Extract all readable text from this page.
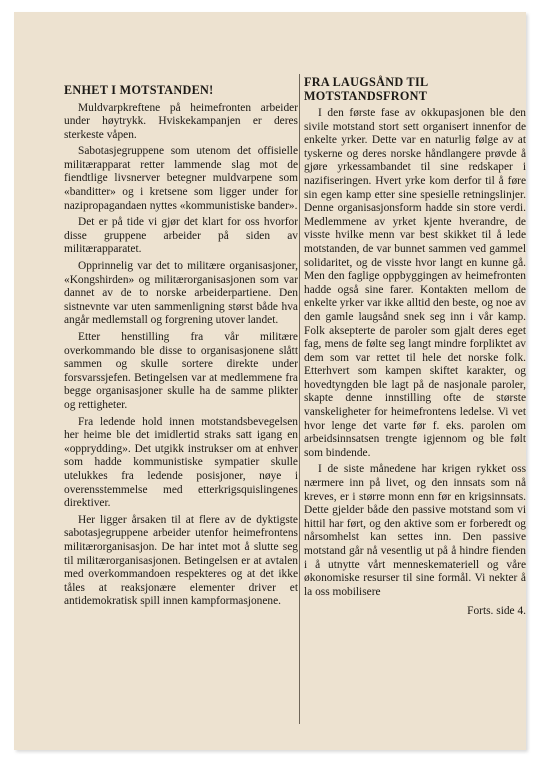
ENHET I MOTSTANDEN!

Muldvarpkreftene på heimefronten arbeider under høytrykk. Hviskekampanjen er deres sterkeste våpen.

Sabotasjegruppene som utenom det offisielle militærapparat retter lammende slag mot de fiendtlige livsnerver betegner muldvarpene som «banditter» og i kretsene som ligger under for nazipropagandaen nyttes «kommunistiske bander».

Det er på tide vi gjør det klart for oss hvorfor disse gruppene arbeider på siden av militærapparatet.

Opprinnelig var det to militære organisasjoner, «Kongshirden» og militærorganisasjonen som var dannet av de to norske arbeiderpartiene. Den sistnevnte var uten sammenligning størst både hva angår medlemstall og forgrening utover landet.

Etter henstilling fra vår militære overkommando ble disse to organisasjonene slått sammen og skulle sortere direkte under forsvarssjefen. Betingelsen var at medlemmene fra begge organisasjoner skulle ha de samme plikter og rettigheter.

Fra ledende hold innen motstandsbevegelsen her heime ble det imidlertid straks satt igang en «opprydding». Det utgikk instrukser om at enhver som hadde kommunistiske sympatier skulle utelukkes fra ledende posisjoner, nøye i overensstemmelse med etterkrigsquislingenes direktiver.

Her ligger årsaken til at flere av de dyktigste sabotasjegruppene arbeider utenfor heimefrontens militærorganisasjon. De har intet mot å slutte seg til militærorganisasjonen. Betingelsen er at avtalen med overkommandoen respekteres og at det ikke tåles at reaksjonære elementer driver et antidemokratisk spill innen kampformasjonene.

FRA LAUGSÅND TIL MOTSTANDSFRONT

I den første fase av okkupasjonen ble den sivile motstand stort sett organisert innenfor de enkelte yrker. Dette var en naturlig følge av at tyskerne og deres norske håndlangere prøvde å gjøre yrkessambandet til sine redskaper i nazifiseringen. Hvert yrke kom derfor til å føre sin egen kamp etter sine spesielle retningslinjer. Denne organisasjonsform hadde sin store verdi. Medlemmene av yrket kjente hverandre, de visste hvilke menn var best skikket til å lede motstanden, de var bunnet sammen ved gammel solidaritet, og de visste hvor langt en kunne gå. Men den faglige oppbyggingen av heimefronten hadde også sine farer. Kontakten mellom de enkelte yrker var ikke alltid den beste, og noe av den gamle laugsånd snek seg inn i vår kamp. Folk aksepterte de paroler som gjalt deres eget fag, mens de følte seg langt mindre forpliktet av dem som var rettet til hele det norske folk. Etterhvert som kampen skiftet karakter, og hovedtyngden ble lagt på de nasjonale paroler, skapte denne innstilling ofte de største vanskeligheter for heimefrontens ledelse. Vi vet hvor lenge det varte før f. eks. parolen om arbeidsinnsatsen trengte igjennom og ble følt som bindende.

I de siste månedene har krigen rykket oss nærmere inn på livet, og den innsats som nå kreves, er i større monn enn før en krigsinnsats. Dette gjelder både den passive motstand som vi hittil har ført, og den aktive som er forberedt og nårsomhelst kan settes inn. Den passive motstand går nå vesentlig ut på å hindre fienden i å utnytte vårt menneskemateriell og våre økonomiske resurser til sine formål. Vi nekter å la oss mobilisere

Forts. side 4.
